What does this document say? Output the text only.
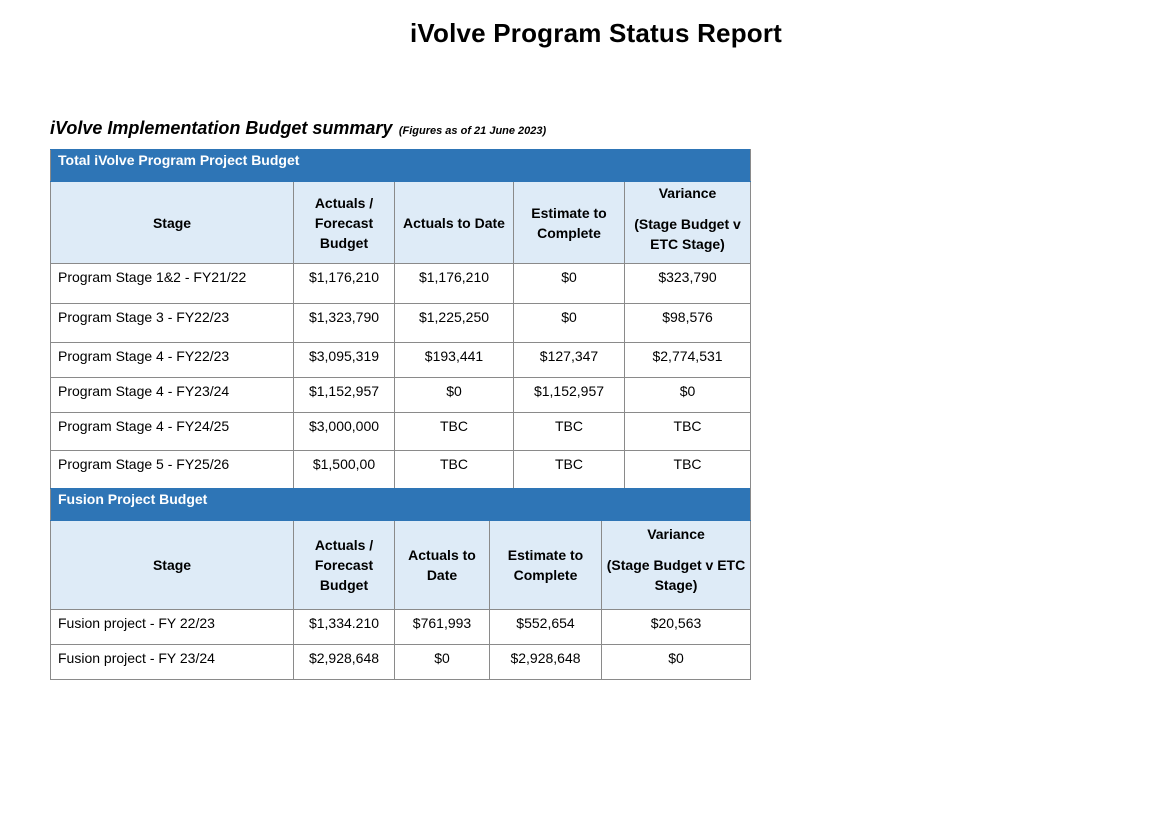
iVolve Program Status Report
iVolve Implementation Budget summary (Figures as of 21 June 2023)
Total iVolve Program Project Budget				
Stage	Actuals / Forecast Budget	Actuals to Date	Estimate to Complete	Variance
(Stage Budget v ETC Stage)
Program Stage 1&2 - FY21/22	$1,176,210	$1,176,210	$0	$323,790
Program Stage 3 - FY22/23	$1,323,790	$1,225,250	$0	$98,576
Program Stage 4 - FY22/23	$3,095,319	$193,441	$127,347	$2,774,531
Program Stage 4 - FY23/24	$1,152,957	$0	$1,152,957	$0
Program Stage 4 - FY24/25	$3,000,000	TBC	TBC	TBC
Program Stage 5 - FY25/26	$1,500,00	TBC	TBC	TBC
Fusion Project Budget				
Stage	Actuals / Forecast Budget	Actuals to Date	Estimate to Complete	Variance
(Stage Budget v ETC Stage)
Fusion project - FY 22/23	$1,334.210	$761,993	$552,654	$20,563
Fusion project - FY 23/24	$2,928,648	$0	$2,928,648	$0
